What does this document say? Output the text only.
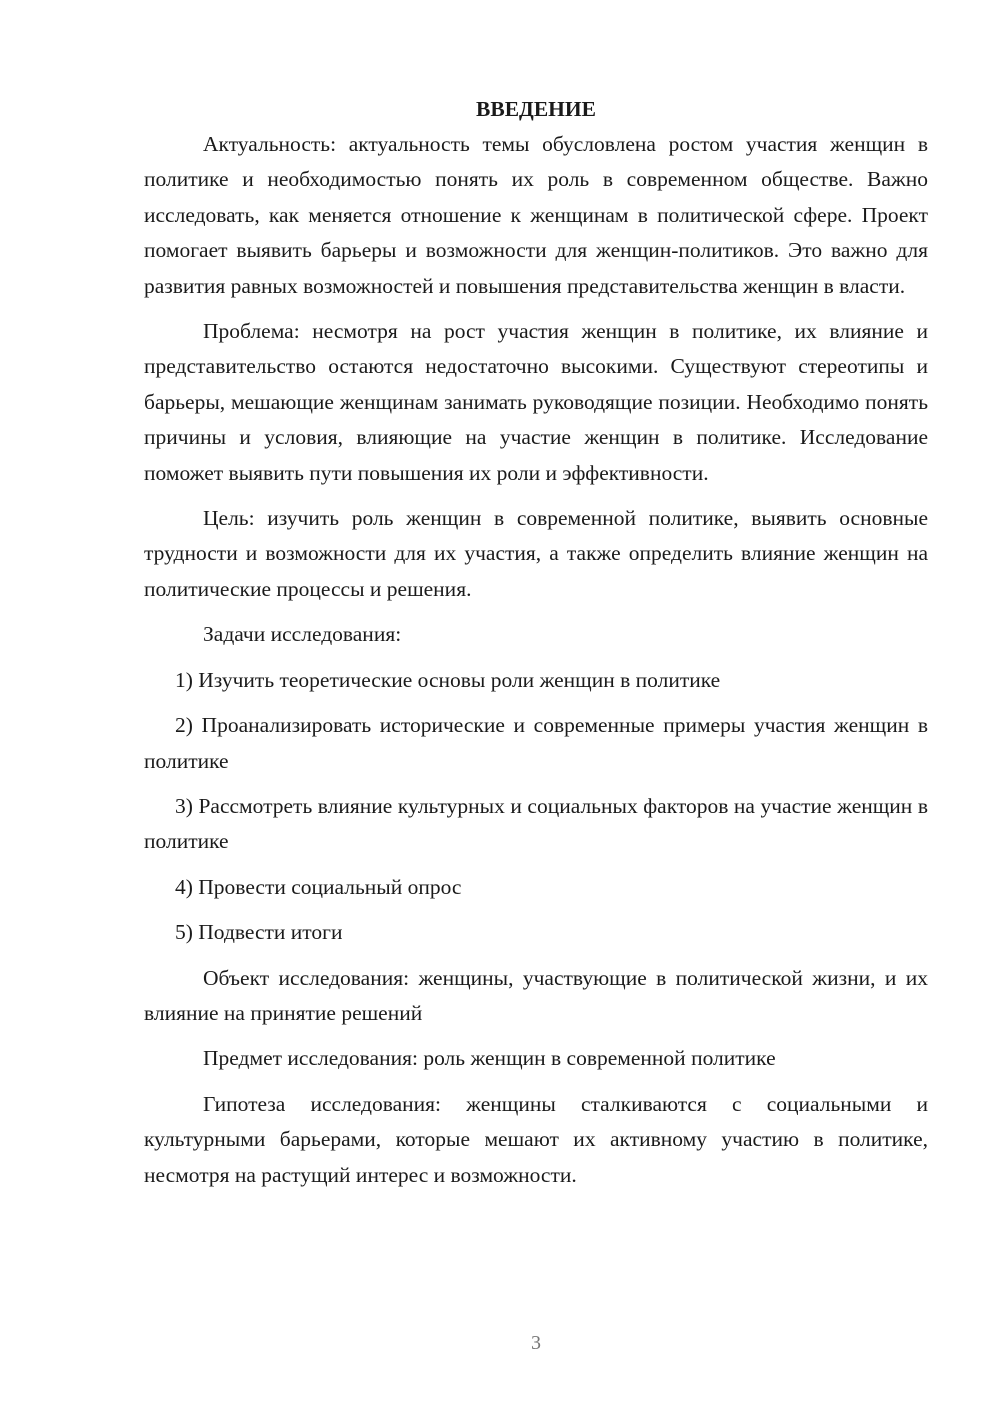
ВВЕДЕНИЕ

Актуальность: актуальность темы обусловлена ростом участия женщин в политике и необходимостью понять их роль в современном обществе. Важно исследовать, как меняется отношение к женщинам в политической сфере. Проект помогает выявить барьеры и возможности для женщин-политиков. Это важно для развития равных возможностей и повышения представительства женщин в власти.

Проблема: несмотря на рост участия женщин в политике, их влияние и представительство остаются недостаточно высокими. Существуют стереотипы и барьеры, мешающие женщинам занимать руководящие позиции. Необходимо понять причины и условия, влияющие на участие женщин в политике. Исследование поможет выявить пути повышения их роли и эффективности.

Цель: изучить роль женщин в современной политике, выявить основные трудности и возможности для их участия, а также определить влияние женщин на политические процессы и решения.

Задачи исследования:

1) Изучить теоретические основы роли женщин в политике

2) Проанализировать исторические и современные примеры участия женщин в политике

3) Рассмотреть влияние культурных и социальных факторов на участие женщин в политике

4) Провести социальный опрос

5) Подвести итоги

Объект исследования: женщины, участвующие в политической жизни, и их влияние на принятие решений

Предмет исследования: роль женщин в современной политике

Гипотеза исследования: женщины сталкиваются с социальными и культурными барьерами, которые мешают их активному участию в политике, несмотря на растущий интерес и возможности.

3
